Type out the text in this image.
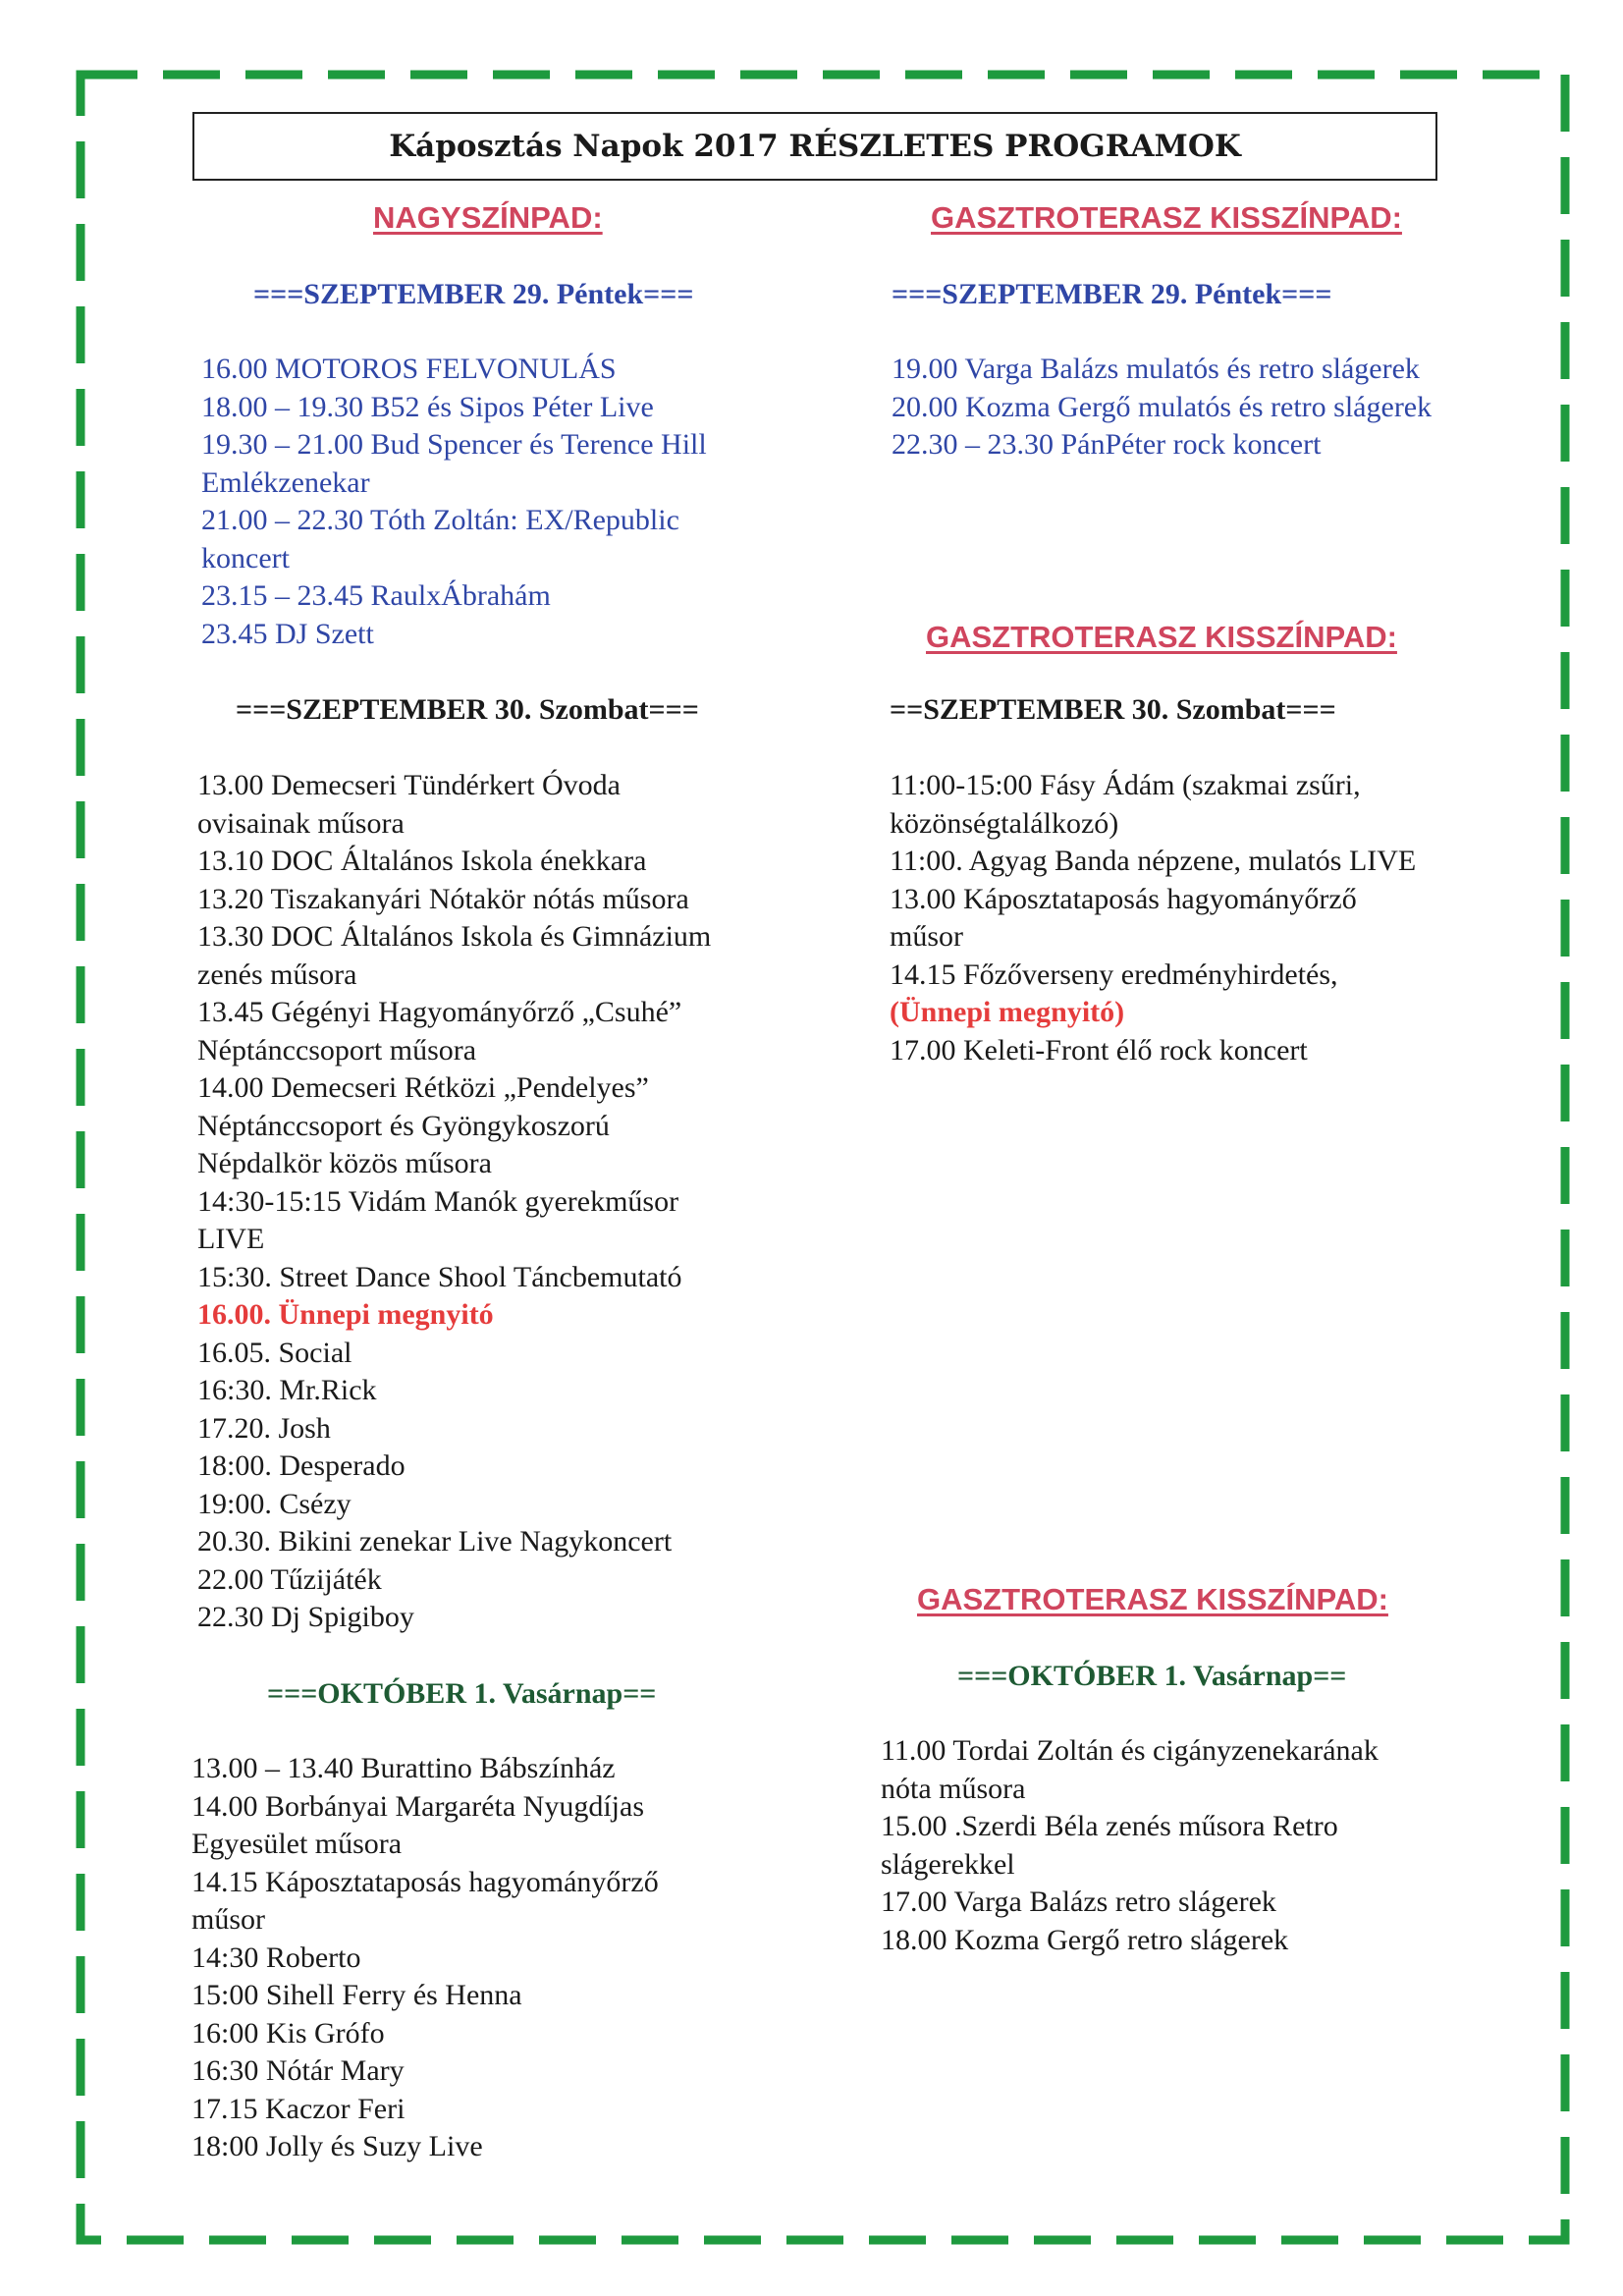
Káposztás Napok 2017 RÉSZLETES PROGRAMOK
NAGYSZÍNPAD:
===SZEPTEMBER 29. Péntek===
16.00 MOTOROS FELVONULÁS
18.00 – 19.30 B52 és Sipos Péter Live
19.30 – 21.00 Bud Spencer és Terence Hill
Emlékzenekar
21.00 – 22.30 Tóth Zoltán: EX/Republic
koncert
23.15 – 23.45 RaulxÁbrahám
23.45 DJ Szett
===SZEPTEMBER 30. Szombat===
13.00 Demecseri Tündérkert Óvoda
ovisainak műsora
13.10 DOC Általános Iskola énekkara
13.20 Tiszakanyári Nótakör nótás műsora
13.30 DOC Általános Iskola és Gimnázium
zenés műsora
13.45 Gégényi Hagyományőrző „Csuhé”
Néptánccsoport műsora
14.00 Demecseri Rétközi „Pendelyes”
Néptánccsoport és Gyöngykoszorú
Népdalkör közös műsora
14:30-15:15 Vidám Manók gyerekműsor
LIVE
15:30. Street Dance Shool Táncbemutató
16.00. Ünnepi megnyitó
16.05. Social
16:30. Mr.Rick
17.20. Josh
18:00. Desperado
19:00. Csézy
20.30. Bikini zenekar Live Nagykoncert
22.00 Tűzijáték
22.30 Dj Spigiboy
===OKTÓBER 1. Vasárnap==
13.00 – 13.40 Burattino Bábszínház
14.00 Borbányai Margaréta Nyugdíjas
Egyesület műsora
14.15 Káposztataposás hagyományőrző
műsor
14:30 Roberto
15:00 Sihell Ferry és Henna
16:00 Kis Grófo
16:30 Nótár Mary
17.15 Kaczor Feri
18:00 Jolly és Suzy Live
GASZTROTERASZ KISSZÍNPAD:
===SZEPTEMBER 29. Péntek===
19.00 Varga Balázs mulatós és retro slágerek
20.00 Kozma Gergő mulatós és retro slágerek
22.30 – 23.30 PánPéter rock koncert
GASZTROTERASZ KISSZÍNPAD:
==SZEPTEMBER 30. Szombat===
11:00-15:00 Fásy Ádám (szakmai zsűri,
közönségtalálkozó)
11:00. Agyag Banda népzene, mulatós LIVE
13.00 Káposztataposás hagyományőrző
műsor
14.15 Főzőverseny eredményhirdetés,
(Ünnepi megnyitó)
17.00 Keleti-Front élő rock koncert
GASZTROTERASZ KISSZÍNPAD:
===OKTÓBER 1. Vasárnap==
11.00 Tordai Zoltán és cigányzenekarának
nóta műsora
15.00 .Szerdi Béla zenés műsora Retro
slágerekkel
17.00 Varga Balázs retro slágerek
18.00 Kozma Gergő retro slágerek
